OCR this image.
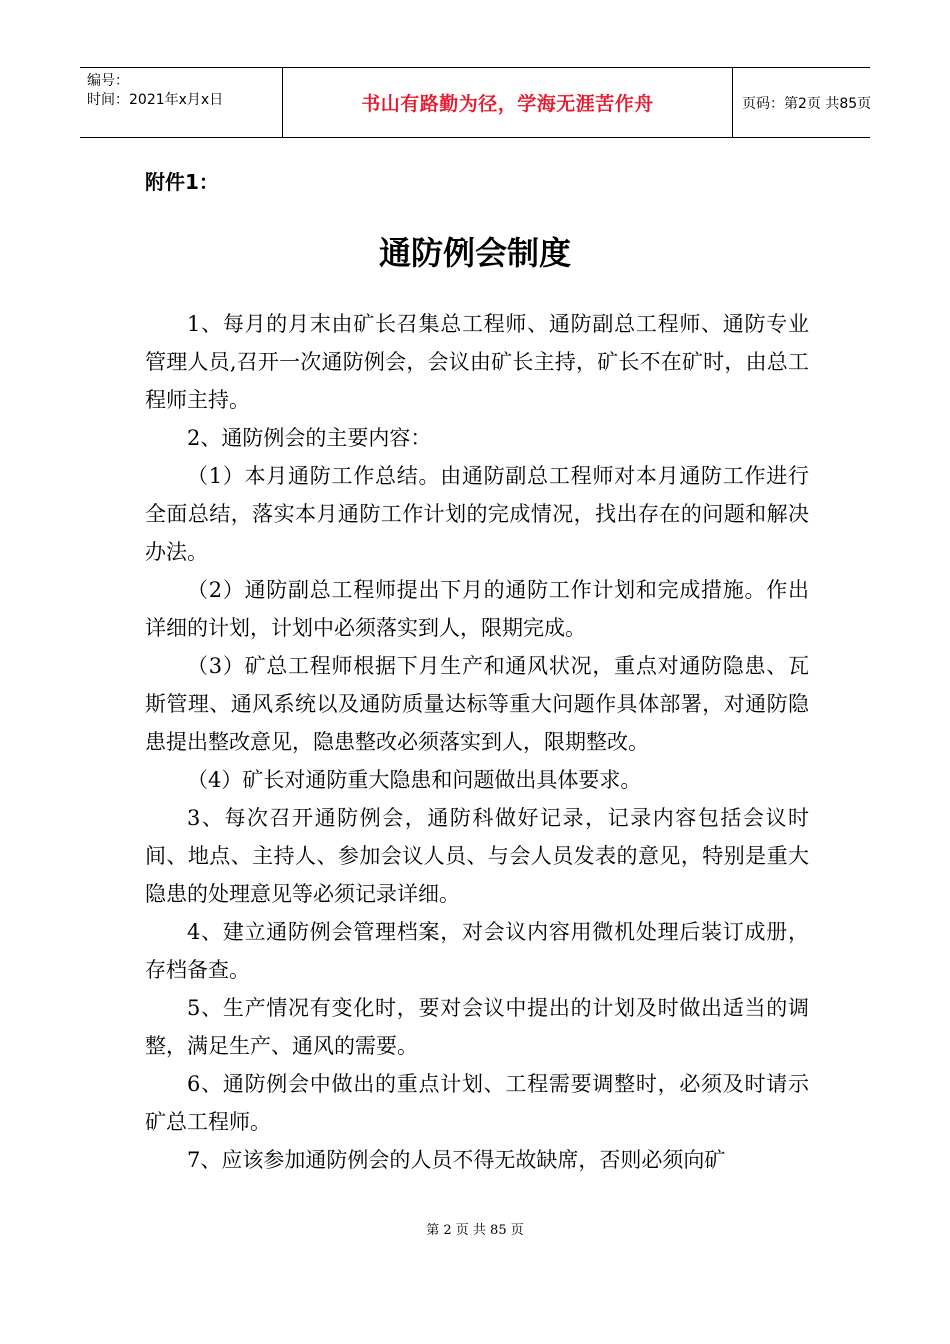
编号：
时间：2021年x月x日	书山有路勤为径，学海无涯苦作舟	页码：第2页 共85页
附件1：
通防例会制度

1、每月的月末由矿长召集总工程师、通防副总工程师、通防专业管理人员,召开一次通防例会，会议由矿长主持，矿长不在矿时，由总工程师主持。

2、通防例会的主要内容：

（1）本月通防工作总结。由通防副总工程师对本月通防工作进行全面总结，落实本月通防工作计划的完成情况，找出存在的问题和解决办法。

（2）通防副总工程师提出下月的通防工作计划和完成措施。作出详细的计划，计划中必须落实到人，限期完成。

（3）矿总工程师根据下月生产和通风状况，重点对通防隐患、瓦斯管理、通风系统以及通防质量达标等重大问题作具体部署，对通防隐患提出整改意见，隐患整改必须落实到人，限期整改。

（4）矿长对通防重大隐患和问题做出具体要求。

3、每次召开通防例会，通防科做好记录，记录内容包括会议时间、地点、主持人、参加会议人员、与会人员发表的意见，特别是重大隐患的处理意见等必须记录详细。

4、建立通防例会管理档案，对会议内容用微机处理后装订成册，存档备查。

5、生产情况有变化时，要对会议中提出的计划及时做出适当的调整，满足生产、通风的需要。

6、通防例会中做出的重点计划、工程需要调整时，必须及时请示矿总工程师。

7、应该参加通防例会的人员不得无故缺席，否则必须向矿

第 2 页 共 85 页
